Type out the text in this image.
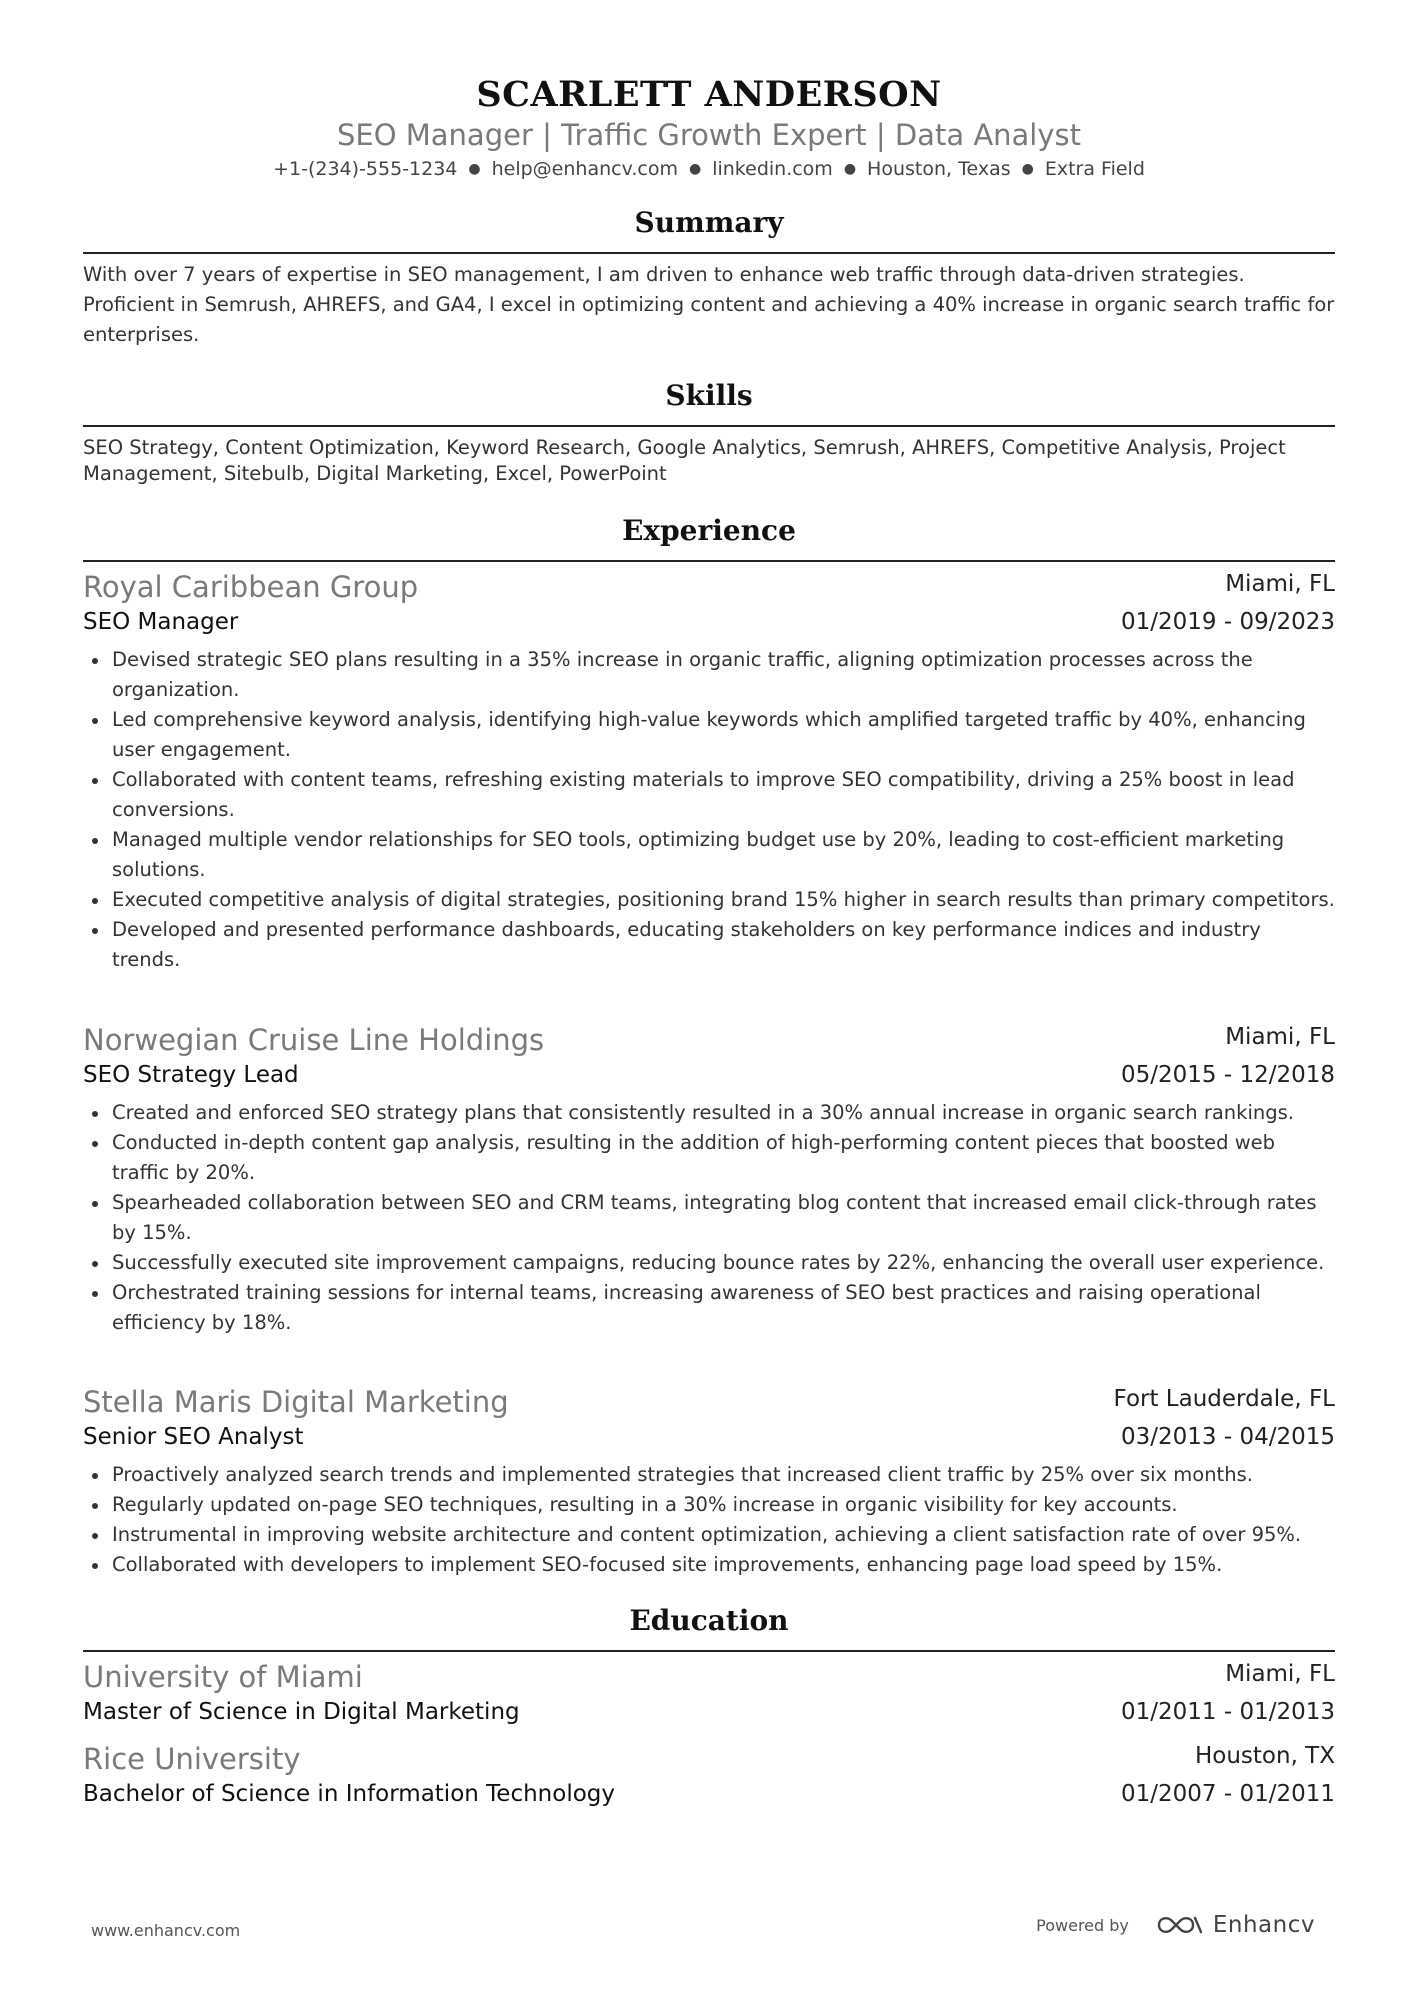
SCARLETT ANDERSON
SEO Manager | Traffic Growth Expert | Data Analyst
+1-(234)-555-1234 ● help@enhancv.com ● linkedin.com ● Houston, Texas ● Extra Field
Summary
With over 7 years of expertise in SEO management, I am driven to enhance web traffic through data-driven strategies. Proficient in Semrush, AHREFS, and GA4, I excel in optimizing content and achieving a 40% increase in organic search traffic for enterprises.
Skills
SEO Strategy, Content Optimization, Keyword Research, Google Analytics, Semrush, AHREFS, Competitive Analysis, Project Management, Sitebulb, Digital Marketing, Excel, PowerPoint
Experience
Royal Caribbean Group	Miami, FL
SEO Manager	01/2019 - 09/2023
Devised strategic SEO plans resulting in a 35% increase in organic traffic, aligning optimization processes across the organization.
Led comprehensive keyword analysis, identifying high-value keywords which amplified targeted traffic by 40%, enhancing user engagement.
Collaborated with content teams, refreshing existing materials to improve SEO compatibility, driving a 25% boost in lead conversions.
Managed multiple vendor relationships for SEO tools, optimizing budget use by 20%, leading to cost-efficient marketing solutions.
Executed competitive analysis of digital strategies, positioning brand 15% higher in search results than primary competitors.
Developed and presented performance dashboards, educating stakeholders on key performance indices and industry trends.
Norwegian Cruise Line Holdings	Miami, FL
SEO Strategy Lead	05/2015 - 12/2018
Created and enforced SEO strategy plans that consistently resulted in a 30% annual increase in organic search rankings.
Conducted in-depth content gap analysis, resulting in the addition of high-performing content pieces that boosted web traffic by 20%.
Spearheaded collaboration between SEO and CRM teams, integrating blog content that increased email click-through rates by 15%.
Successfully executed site improvement campaigns, reducing bounce rates by 22%, enhancing the overall user experience.
Orchestrated training sessions for internal teams, increasing awareness of SEO best practices and raising operational efficiency by 18%.
Stella Maris Digital Marketing	Fort Lauderdale, FL
Senior SEO Analyst	03/2013 - 04/2015
Proactively analyzed search trends and implemented strategies that increased client traffic by 25% over six months.
Regularly updated on-page SEO techniques, resulting in a 30% increase in organic visibility for key accounts.
Instrumental in improving website architecture and content optimization, achieving a client satisfaction rate of over 95%.
Collaborated with developers to implement SEO-focused site improvements, enhancing page load speed by 15%.
Education
University of Miami	Miami, FL
Master of Science in Digital Marketing	01/2011 - 01/2013
Rice University	Houston, TX
Bachelor of Science in Information Technology	01/2007 - 01/2011
www.enhancv.com	Powered by	Enhancv
